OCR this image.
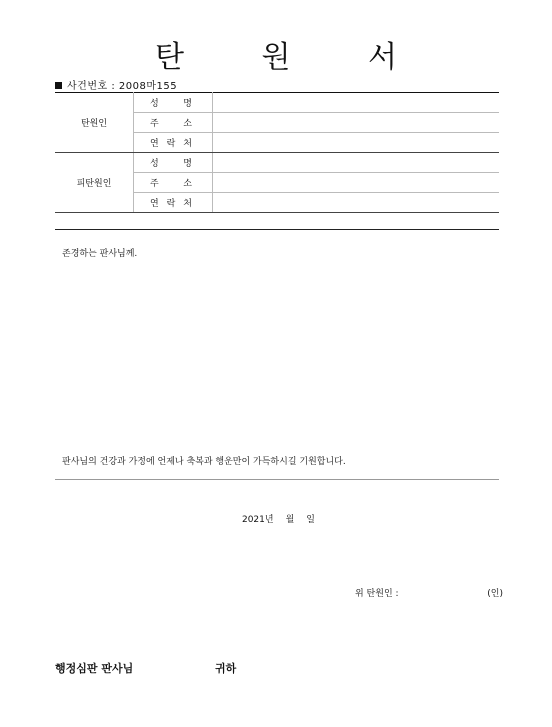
탄 원 서
사건번호 : 2008마155
탄원인	성 명	

	주 소	

	연 락 처	

피탄원인	성 명	

	주 소	

	연 락 처	

존경하는 판사님께.
판사님의 건강과 가정에 언제나 축복과 행운만이 가득하시길 기원합니다.
2021년 월 일
위 탄원인 :	(인)
행정심판 판사님	귀하
